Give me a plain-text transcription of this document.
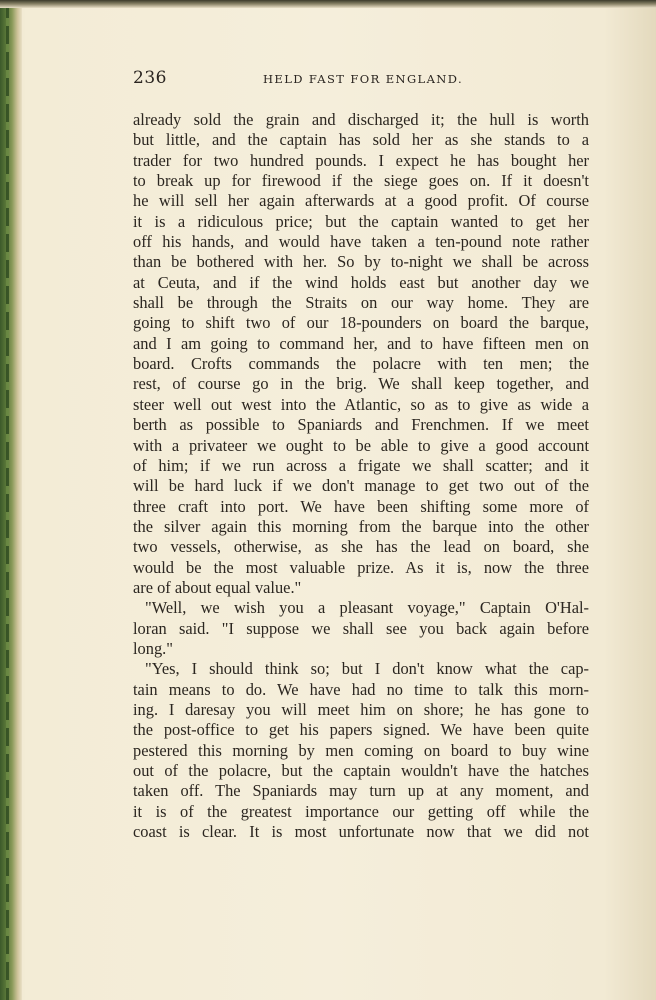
236	HELD FAST FOR ENGLAND.
already sold the grain and discharged it; the hull is worth
but little, and the captain has sold her as she stands to a
trader for two hundred pounds. I expect he has bought her
to break up for firewood if the siege goes on. If it doesn't
he will sell her again afterwards at a good profit. Of course
it is a ridiculous price; but the captain wanted to get her
off his hands, and would have taken a ten-pound note rather
than be bothered with her. So by to-night we shall be across
at Ceuta, and if the wind holds east but another day we
shall be through the Straits on our way home. They are
going to shift two of our 18-pounders on board the barque,
and I am going to command her, and to have fifteen men on
board. Crofts commands the polacre with ten men; the
rest, of course go in the brig. We shall keep together, and
steer well out west into the Atlantic, so as to give as wide a
berth as possible to Spaniards and Frenchmen. If we meet
with a privateer we ought to be able to give a good account
of him; if we run across a frigate we shall scatter; and it
will be hard luck if we don't manage to get two out of the
three craft into port. We have been shifting some more of
the silver again this morning from the barque into the other
two vessels, otherwise, as she has the lead on board, she
would be the most valuable prize. As it is, now the three
are of about equal value."
"Well, we wish you a pleasant voyage," Captain O'Hal-
loran said. "I suppose we shall see you back again before
long."
"Yes, I should think so; but I don't know what the cap-
tain means to do. We have had no time to talk this morn-
ing. I daresay you will meet him on shore; he has gone to
the post-office to get his papers signed. We have been quite
pestered this morning by men coming on board to buy wine
out of the polacre, but the captain wouldn't have the hatches
taken off. The Spaniards may turn up at any moment, and
it is of the greatest importance our getting off while the
coast is clear. It is most unfortunate now that we did not
